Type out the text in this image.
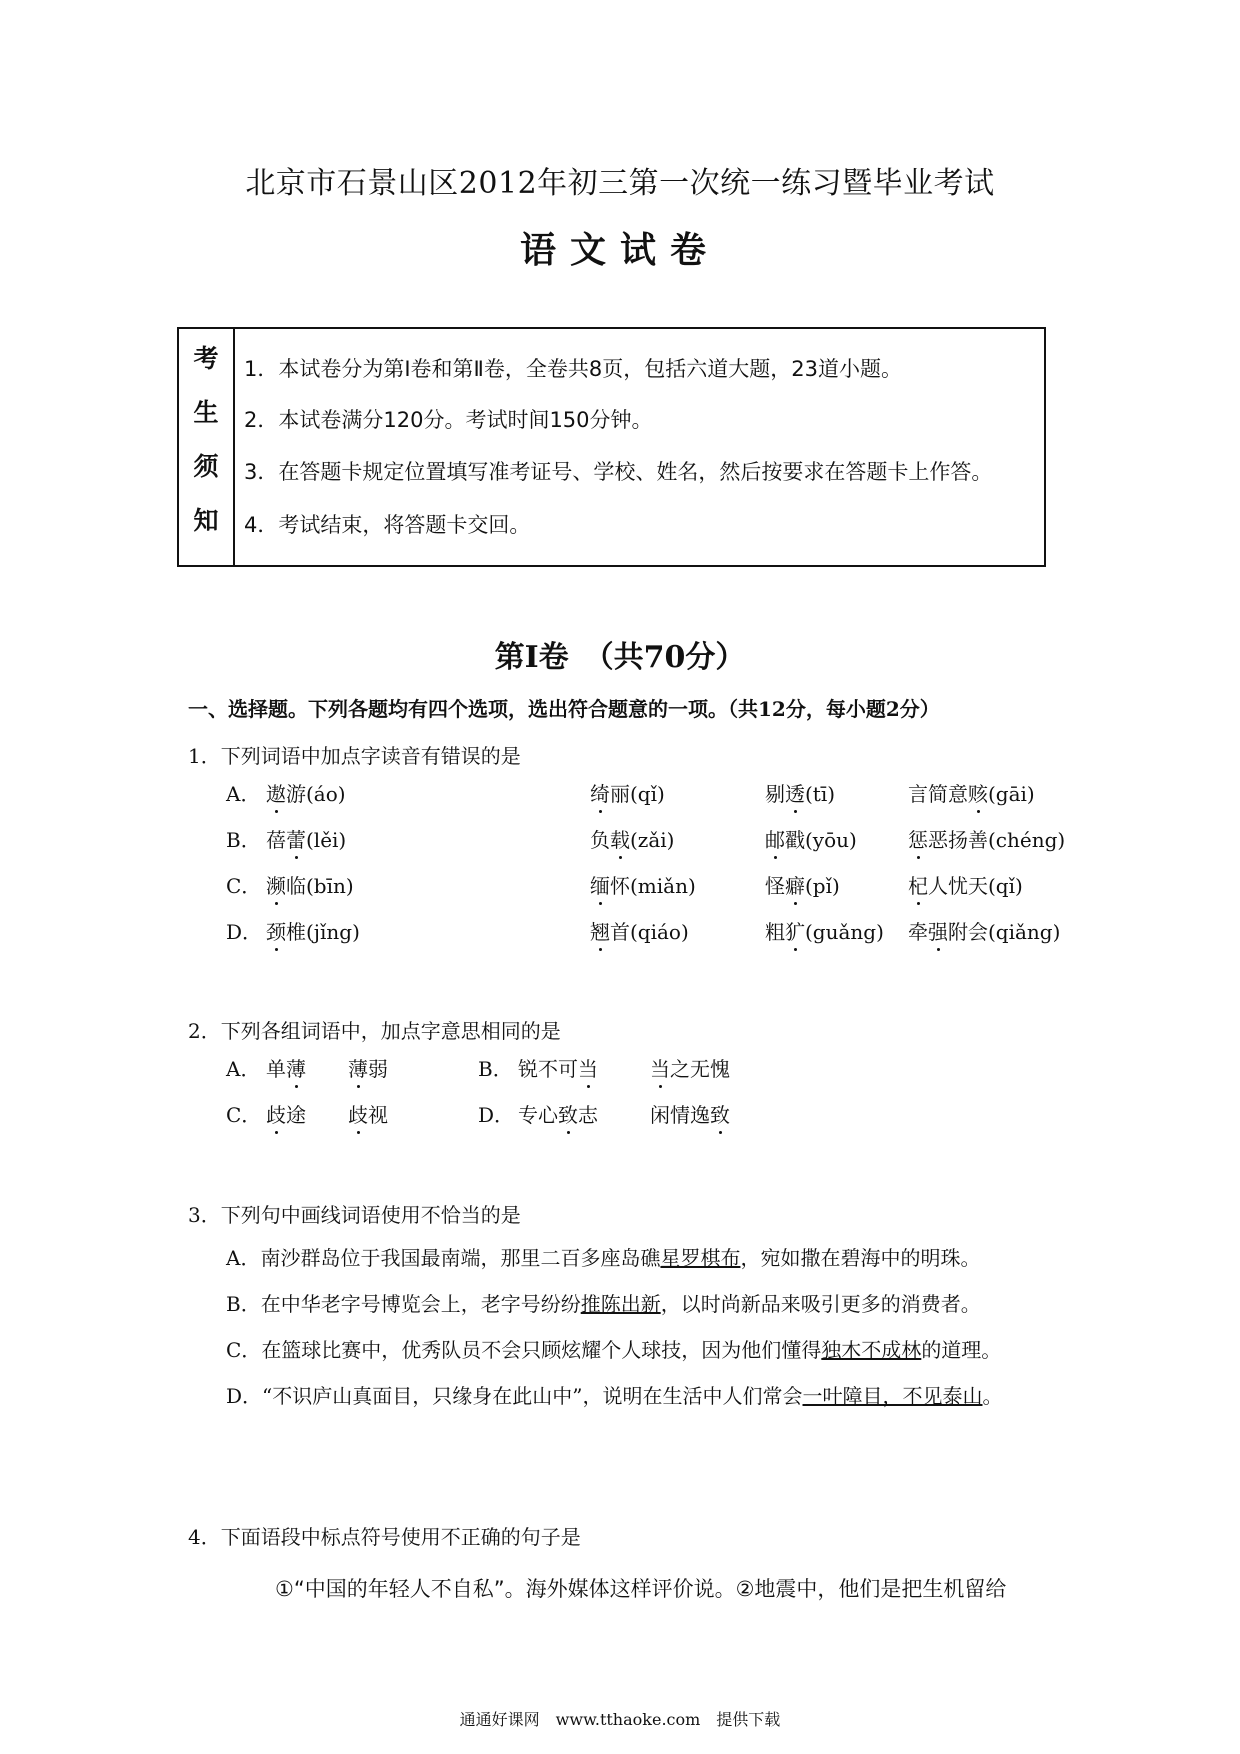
北京市石景山区2012年初三第一次统一练习暨毕业考试
语文试卷
考
生
须
知
1．本试卷分为第Ⅰ卷和第Ⅱ卷，全卷共8页，包括六道大题，23道小题。
2．本试卷满分120分。考试时间150分钟。
3．在答题卡规定位置填写准考证号、学校、姓名，然后按要求在答题卡上作答。
4．考试结束，将答题卡交回。
第Ⅰ卷　（共70分）
一、选择题。下列各题均有四个选项，选出符合题意的一项。（共12分，每小题2分）
1．下列词语中加点字读音有错误的是
A． 遨游(áo)	绮丽(qǐ)	剔透(tī)	言简意赅(gāi)
B． 蓓蕾(lěi)	负载(zǎi)	邮戳(yōu)	惩恶扬善(chéng)
C． 濒临(bīn)	缅怀(miǎn)	怪癖(pǐ)	杞人忧天(qǐ)
D． 颈椎(jǐng)	翘首(qiáo)	粗犷(guǎng) 牵强附会(qiǎng)
2．下列各组词语中，加点字意思相同的是
A． 单薄 薄弱	B． 锐不可当	当之无愧
C． 歧途 歧视	D． 专心致志	闲情逸致
3．下列句中画线词语使用不恰当的是
A．南沙群岛位于我国最南端，那里二百多座岛礁星罗棋布，宛如撒在碧海中的明珠。
B．在中华老字号博览会上，老字号纷纷推陈出新，以时尚新品来吸引更多的消费者。
C．在篮球比赛中，优秀队员不会只顾炫耀个人球技，因为他们懂得独木不成林的道理。
D．“不识庐山真面目，只缘身在此山中”，说明在生活中人们常会一叶障目，不见泰山。
4．下面语段中标点符号使用不正确的句子是
①“中国的年轻人不自私”。海外媒体这样评价说。②地震中，他们是把生机留给
通通好课网　www.tthaoke.com　提供下载
